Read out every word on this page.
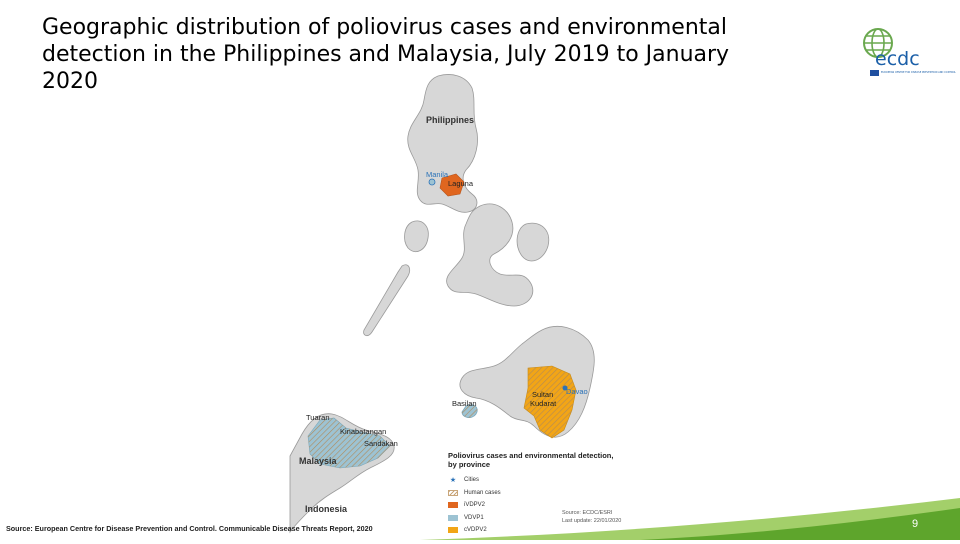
Geographic distribution of poliovirus cases and environmental
detection in the Philippines and Malaysia, July 2019 to January
2020
ecdc
EUROPEAN CENTRE FOR DISEASE PREVENTION AND CONTROL
Philippines
Manila
Laguna
Davao
Sultan
Kudarat
Basilan
Tuaran
Kinabatangan
Sandakan
Malaysia
Indonesia
Poliovirus cases and environmental detection,
by province
★	Cities
Human cases
iVDPV2
VDVP1
cVDPV2
Source: ECDC/ESRI
Last update: 22/01/2020
Source: European Centre for Disease Prevention and Control. Communicable Disease Threats Report, 2020	9
